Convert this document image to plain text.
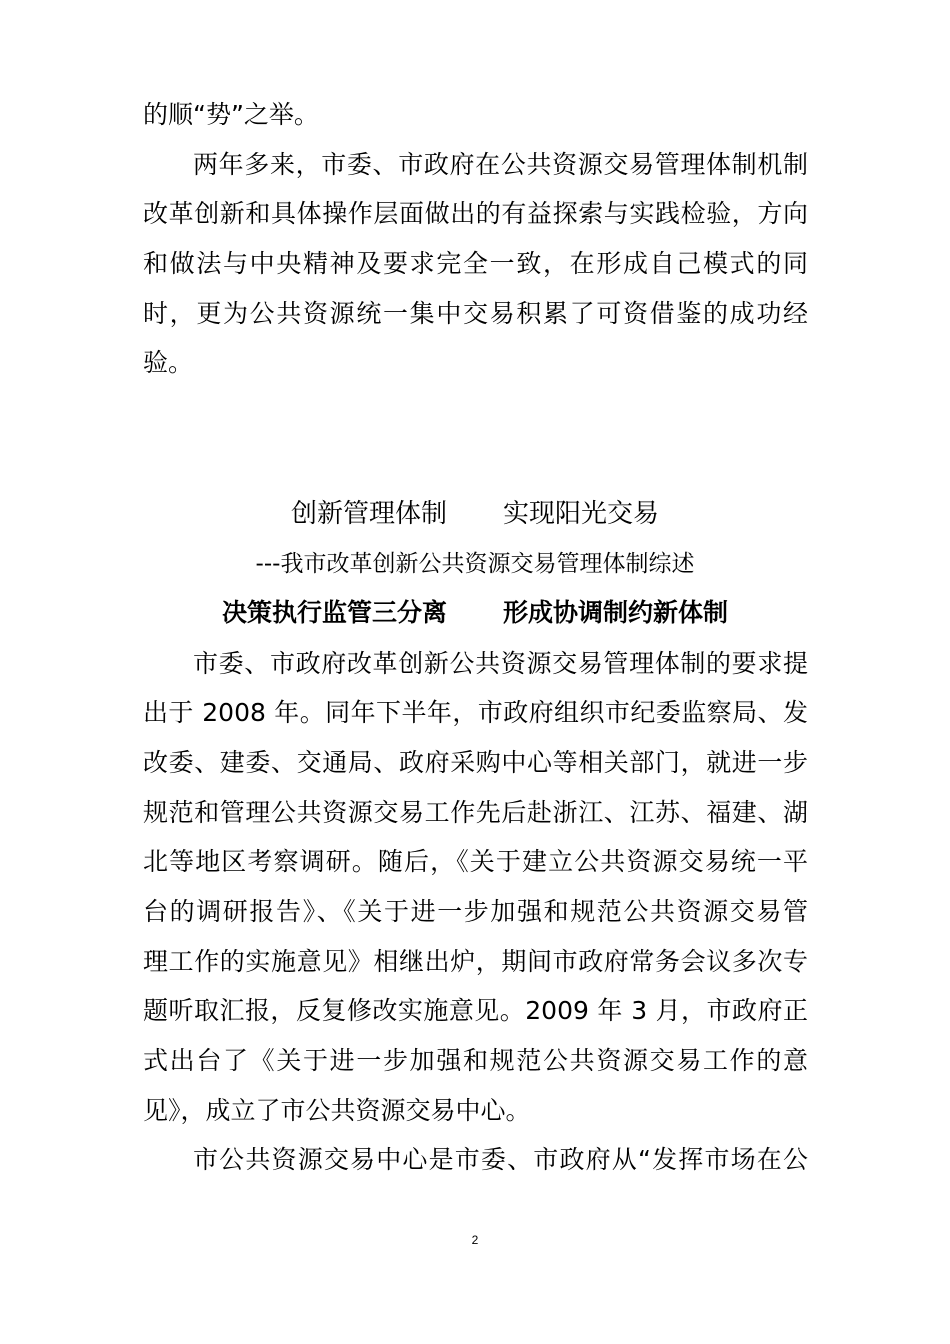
的顺“势”之举。
两年多来，市委、市政府在公共资源交易管理体制机制
改革创新和具体操作层面做出的有益探索与实践检验，方向
和做法与中央精神及要求完全一致，在形成自己模式的同
时，更为公共资源统一集中交易积累了可资借鉴的成功经
验。
创新管理体制 实现阳光交易
---我市改革创新公共资源交易管理体制综述
决策执行监管三分离 形成协调制约新体制
市委、市政府改革创新公共资源交易管理体制的要求提
出于 2008 年。同年下半年，市政府组织市纪委监察局、发
改委、建委、交通局、政府采购中心等相关部门，就进一步
规范和管理公共资源交易工作先后赴浙江、江苏、福建、湖
北等地区考察调研。随后，《关于建立公共资源交易统一平
台的调研报告》、《关于进一步加强和规范公共资源交易管
理工作的实施意见》相继出炉，期间市政府常务会议多次专
题听取汇报，反复修改实施意见。2009 年 3 月，市政府正
式出台了《关于进一步加强和规范公共资源交易工作的意
见》，成立了市公共资源交易中心。
市公共资源交易中心是市委、市政府从“发挥市场在公
2
